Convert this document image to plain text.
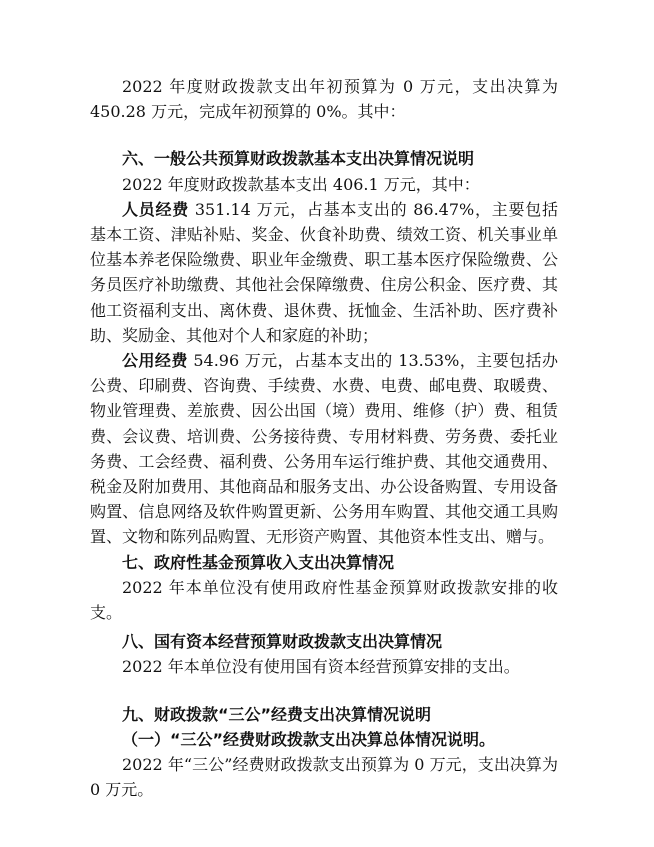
2022 年度财政拨款支出年初预算为 0 万元，支出决算为 450.28 万元，完成年初预算的 0%。其中：

六、一般公共预算财政拨款基本支出决算情况说明

2022 年度财政拨款基本支出 406.1 万元，其中：

人员经费 351.14 万元，占基本支出的 86.47%，主要包括基本工资、津贴补贴、奖金、伙食补助费、绩效工资、机关事业单位基本养老保险缴费、职业年金缴费、职工基本医疗保险缴费、公务员医疗补助缴费、其他社会保障缴费、住房公积金、医疗费、其他工资福利支出、离休费、退休费、抚恤金、生活补助、医疗费补助、奖励金、其他对个人和家庭的补助；

公用经费 54.96 万元，占基本支出的 13.53%，主要包括办公费、印刷费、咨询费、手续费、水费、电费、邮电费、取暖费、物业管理费、差旅费、因公出国（境）费用、维修（护）费、租赁费、会议费、培训费、公务接待费、专用材料费、劳务费、委托业务费、工会经费、福利费、公务用车运行维护费、其他交通费用、税金及附加费用、其他商品和服务支出、办公设备购置、专用设备购置、信息网络及软件购置更新、公务用车购置、其他交通工具购置、文物和陈列品购置、无形资产购置、其他资本性支出、赠与。

七、政府性基金预算收入支出决算情况

2022 年本单位没有使用政府性基金预算财政拨款安排的收支。

八、国有资本经营预算财政拨款支出决算情况

2022 年本单位没有使用国有资本经营预算安排的支出。

九、财政拨款“三公”经费支出决算情况说明

（一）“三公”经费财政拨款支出决算总体情况说明。

2022 年“三公”经费财政拨款支出预算为 0 万元，支出决算为 0 万元。
